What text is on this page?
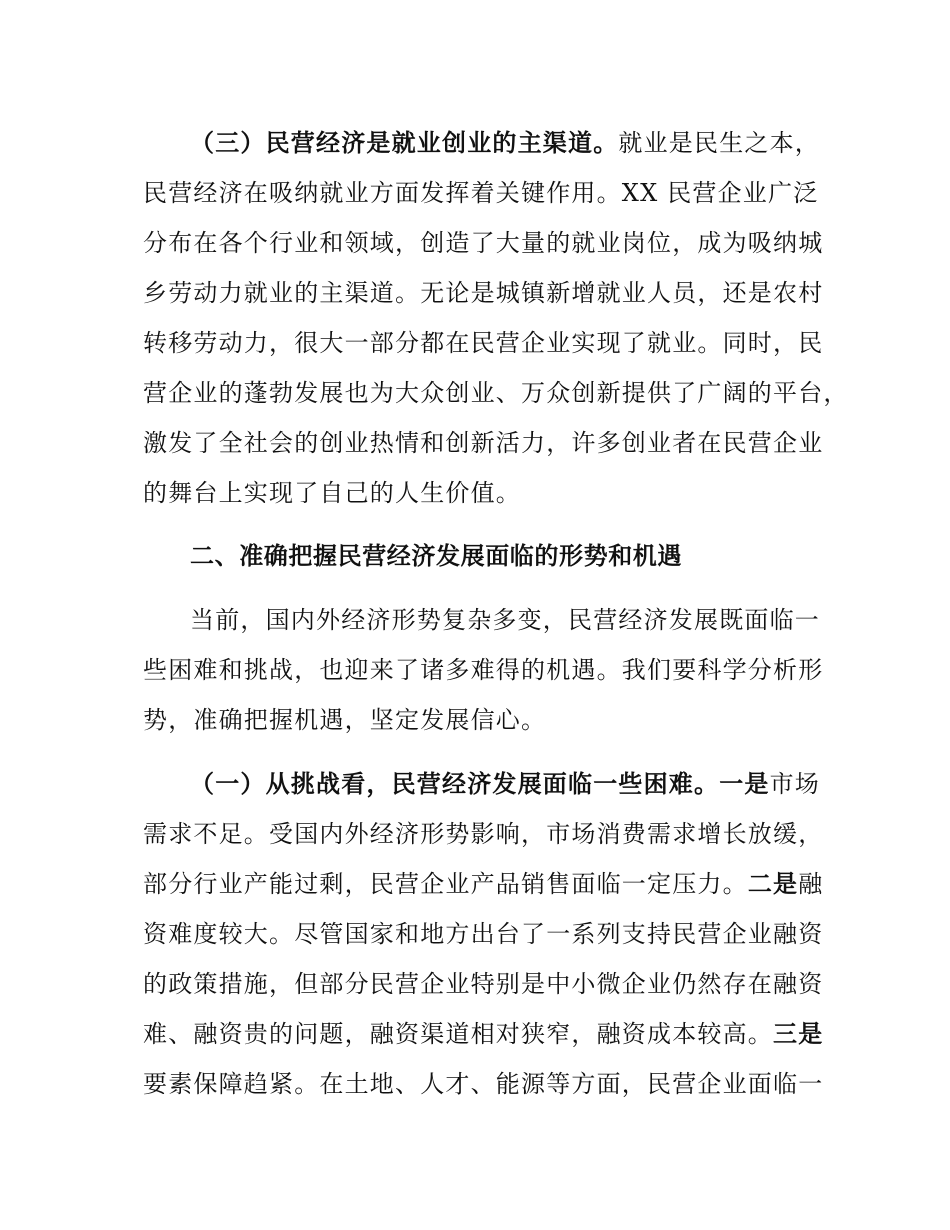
（三）民营经济是就业创业的主渠道。就业是民生之本，
民营经济在吸纳就业方面发挥着关键作用。XX 民营企业广泛
分布在各个行业和领域，创造了大量的就业岗位，成为吸纳城
乡劳动力就业的主渠道。无论是城镇新增就业人员，还是农村
转移劳动力，很大一部分都在民营企业实现了就业。同时，民
营企业的蓬勃发展也为大众创业、万众创新提供了广阔的平台，
激发了全社会的创业热情和创新活力，许多创业者在民营企业
的舞台上实现了自己的人生价值。
二、准确把握民营经济发展面临的形势和机遇
当前，国内外经济形势复杂多变，民营经济发展既面临一
些困难和挑战，也迎来了诸多难得的机遇。我们要科学分析形
势，准确把握机遇，坚定发展信心。
（一）从挑战看，民营经济发展面临一些困难。一是市场
需求不足。受国内外经济形势影响，市场消费需求增长放缓，
部分行业产能过剩，民营企业产品销售面临一定压力。二是融
资难度较大。尽管国家和地方出台了一系列支持民营企业融资
的政策措施，但部分民营企业特别是中小微企业仍然存在融资
难、融资贵的问题，融资渠道相对狭窄，融资成本较高。三是
要素保障趋紧。在土地、人才、能源等方面，民营企业面临一
